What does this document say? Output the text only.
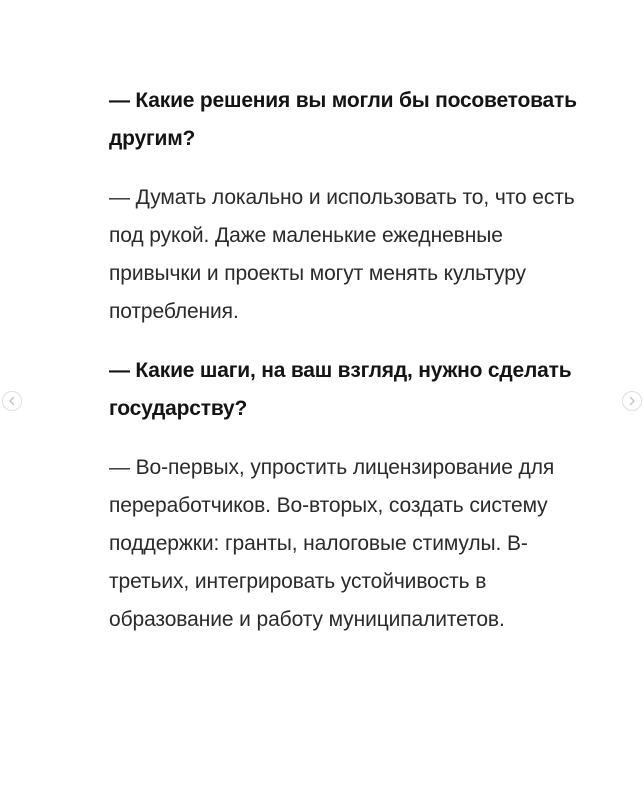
— Какие решения вы могли бы посоветовать другим?

— Думать локально и использовать то, что есть под рукой. Даже маленькие ежедневные привычки и проекты могут менять культуру потребления.

— Какие шаги, на ваш взгляд, нужно сделать государству?

— Во-первых, упростить лицензирование для переработчиков. Во-вторых, создать систему поддержки: гранты, налоговые стимулы. В-третьих, интегрировать устойчивость в образование и работу муниципалитетов.
